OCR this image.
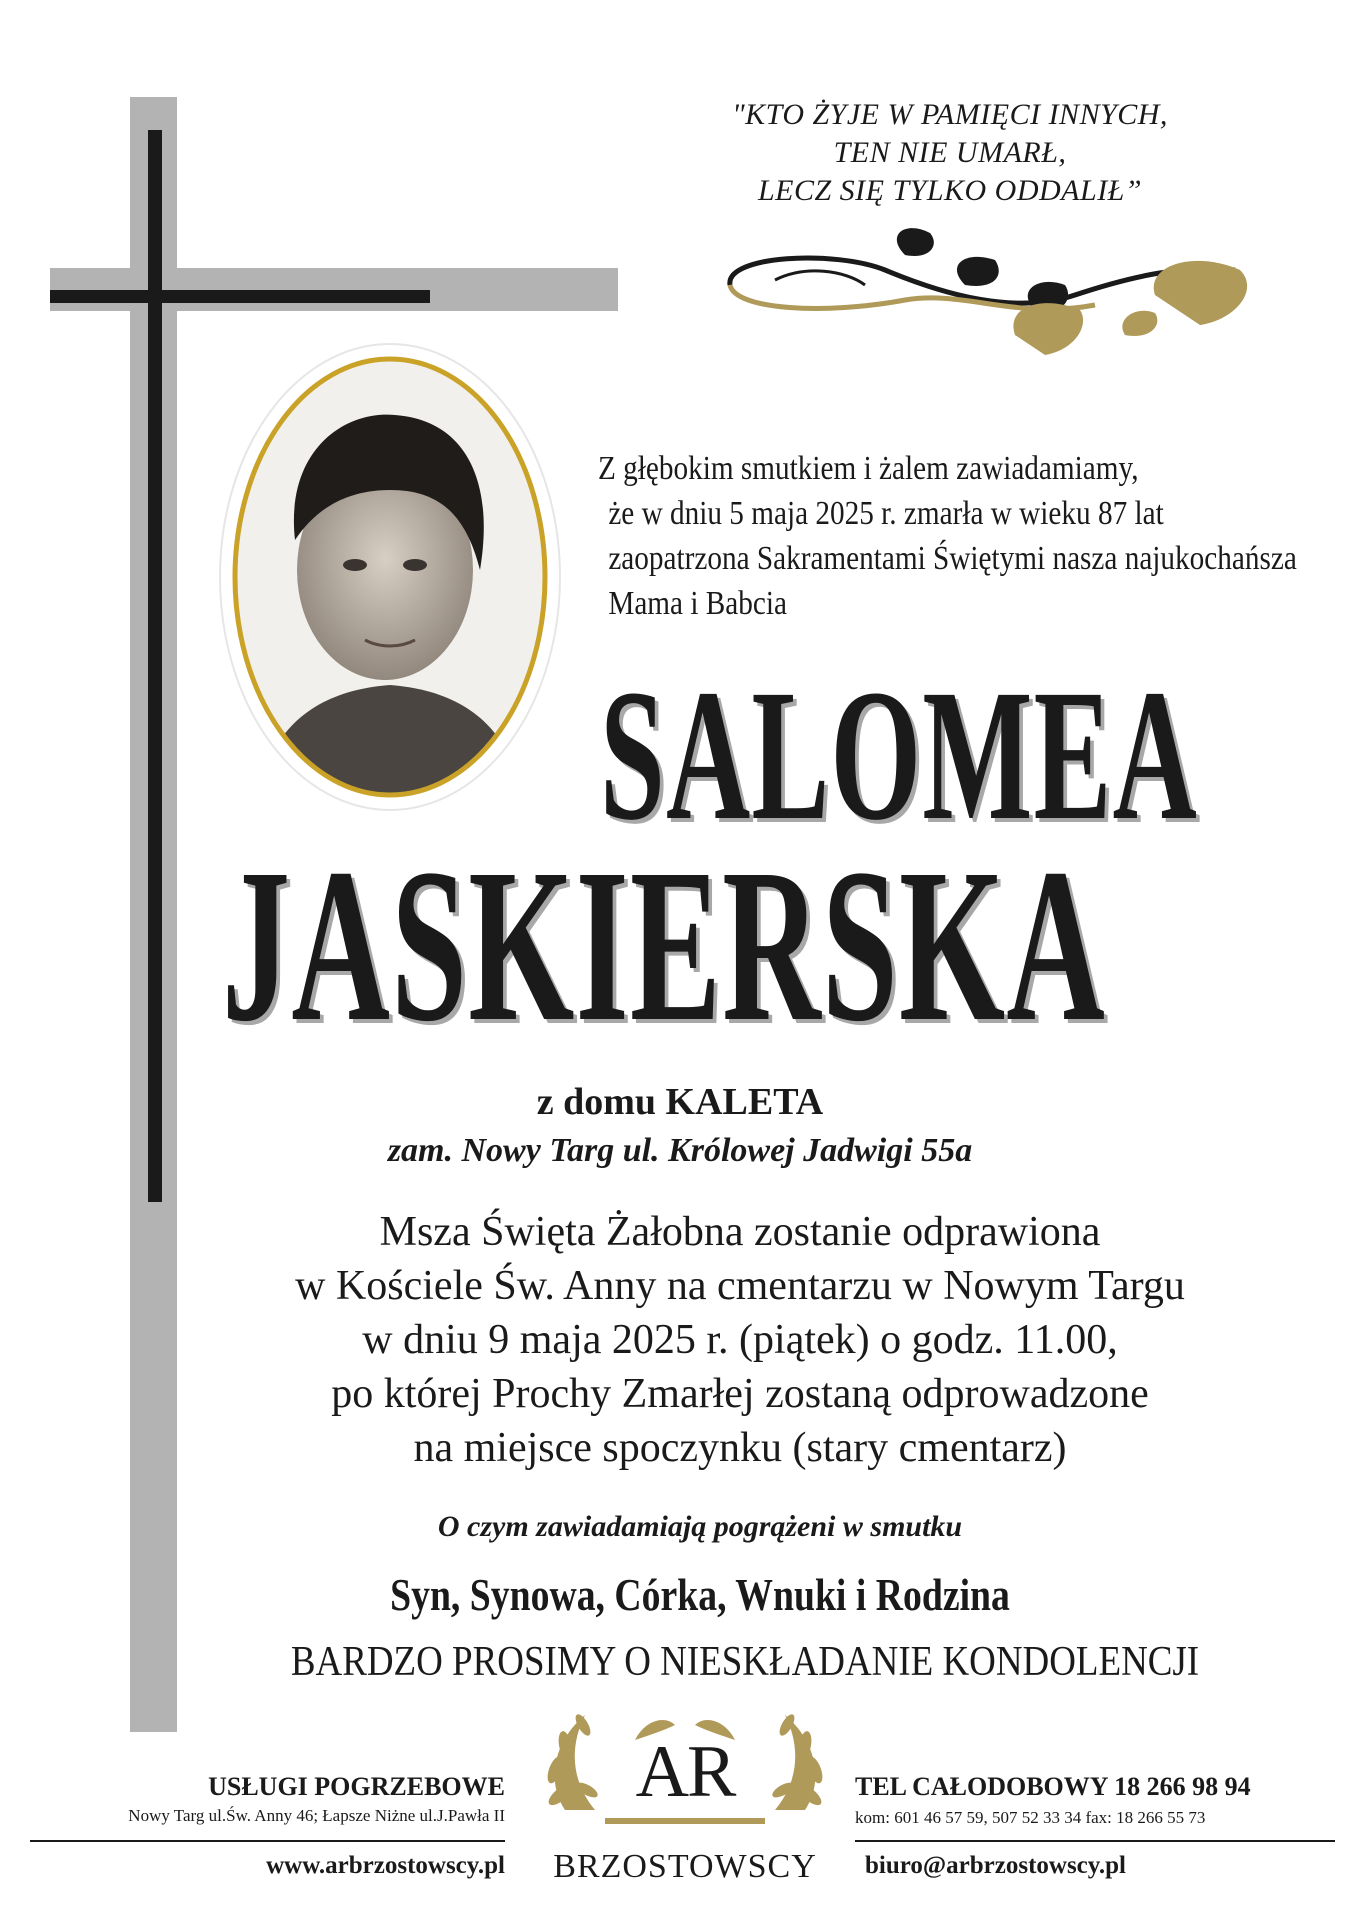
"KTO ŻYJE W PAMIĘCI INNYCH,
TEN NIE UMARŁ,
LECZ SIĘ TYLKO ODDALIŁ”
Z głębokim smutkiem i żalem zawiadamiamy,
że w dniu 5 maja 2025 r. zmarła w wieku 87 lat
zaopatrzona Sakramentami Świętymi nasza najukochańsza
Mama i Babcia
SALOMEA
JASKIERSKA
z domu KALETA
zam. Nowy Targ ul. Królowej Jadwigi 55a
Msza Święta Żałobna zostanie odprawiona
w Kościele Św. Anny na cmentarzu w Nowym Targu
w dniu 9 maja 2025 r. (piątek) o godz. 11.00,
po której Prochy Zmarłej zostaną odprowadzone
na miejsce spoczynku (stary cmentarz)
O czym zawiadamiają pogrążeni w smutku
Syn, Synowa, Córka, Wnuki i Rodzina
BARDZO PROSIMY O NIESKŁADANIE KONDOLENCJI
USŁUGI POGRZEBOWE
Nowy Targ ul.Św. Anny 46; Łapsze Niżne ul.J.Pawła II
www.arbrzostowscy.pl
AR
BRZOSTOWSCY
TEL CAŁODOBOWY 18 266 98 94
kom: 601 46 57 59, 507 52 33 34 fax: 18 266 55 73
biuro@arbrzostowscy.pl
